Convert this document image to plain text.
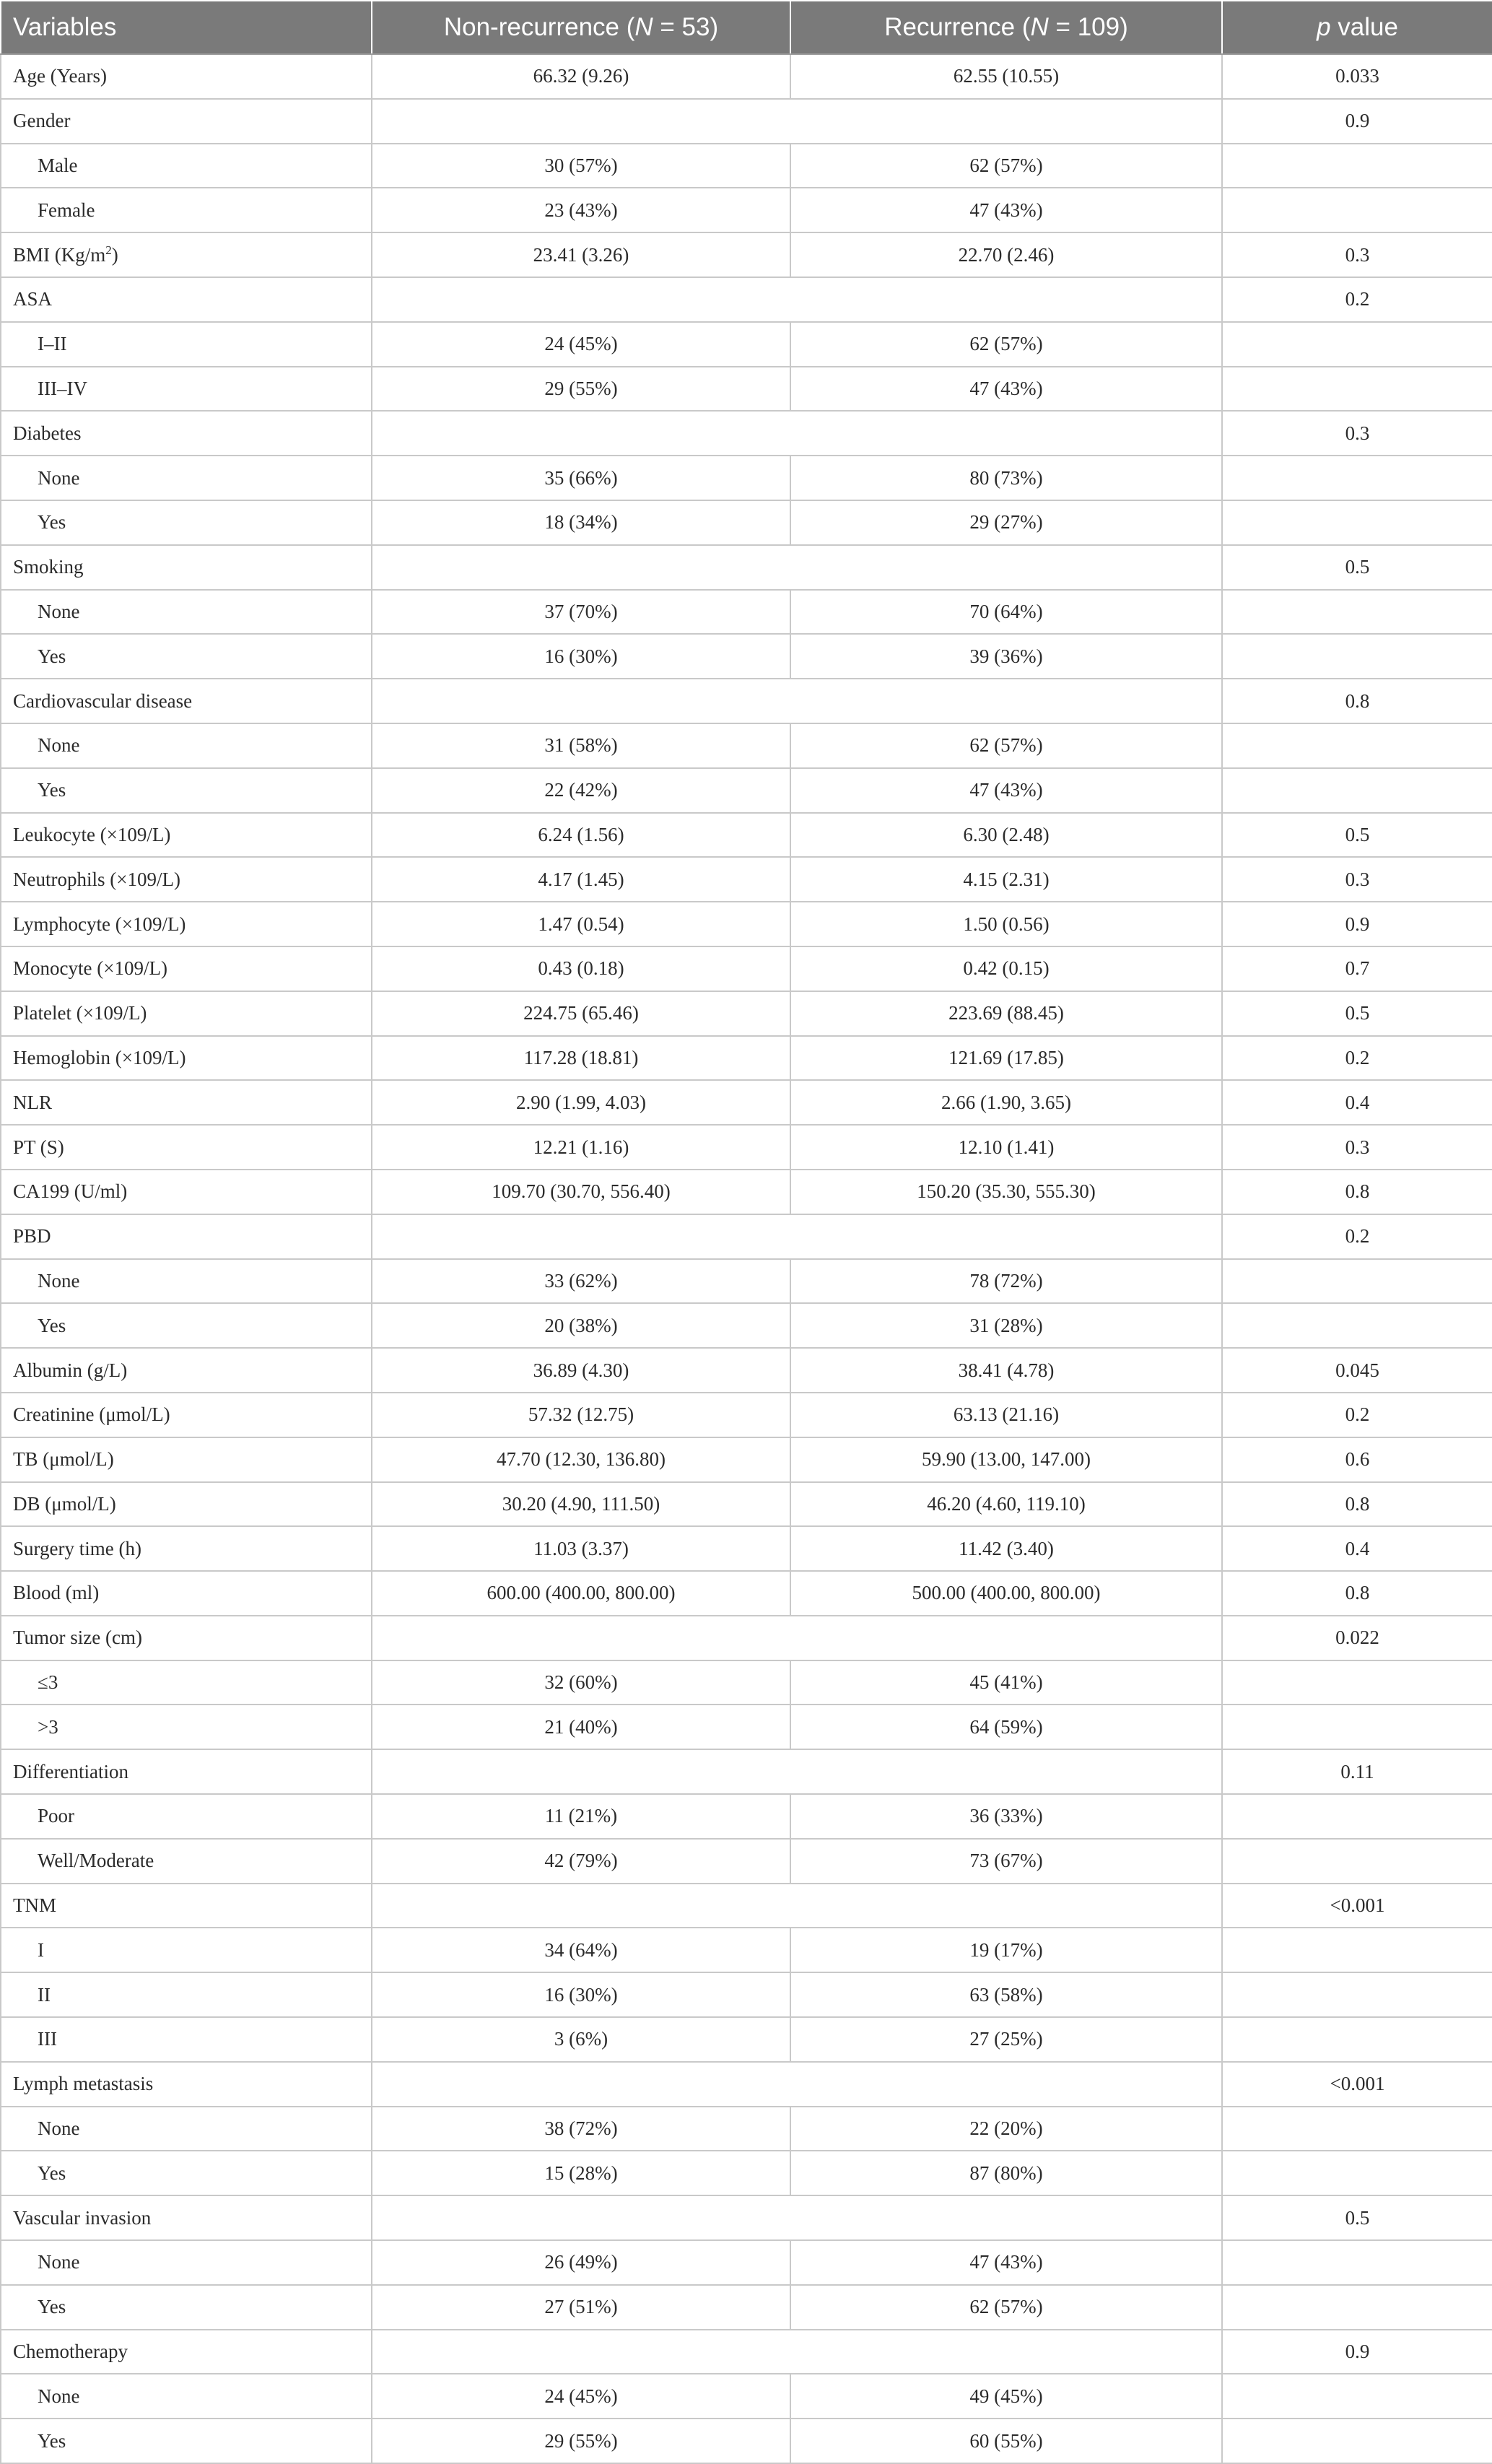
Variables	Non-recurrence (N = 53)	Recurrence (N = 109)	p value
Age (Years)	66.32 (9.26)	62.55 (10.55)	0.033
Gender			0.9
Male	30 (57%)	62 (57%)	
Female	23 (43%)	47 (43%)	
BMI $(Kg/m^2)$	23.41 (3.26)	22.70 (2.46)	0.3
ASA			0.2
I–II	24 (45%)	62 (57%)	
III–IV	29 (55%)	47 (43%)	
Diabetes			0.3
None	35 (66%)	80 (73%)	
Yes	18 (34%)	29 (27%)	
Smoking			0.5
None	37 (70%)	70 (64%)	
Yes	16 (30%)	39 (36%)	
Cardiovascular disease			0.8
None	31 (58%)	62 (57%)	
Yes	22 (42%)	47 (43%)	
Leukocyte (×109/L)	6.24 (1.56)	6.30 (2.48)	0.5
Neutrophils (×109/L)	4.17 (1.45)	4.15 (2.31)	0.3
Lymphocyte (×109/L)	1.47 (0.54)	1.50 (0.56)	0.9
Monocyte (×109/L)	0.43 (0.18)	0.42 (0.15)	0.7
Platelet (×109/L)	224.75 (65.46)	223.69 (88.45)	0.5
Hemoglobin (×109/L)	117.28 (18.81)	121.69 (17.85)	0.2
NLR	2.90 (1.99, 4.03)	2.66 (1.90, 3.65)	0.4
PT (S)	12.21 (1.16)	12.10 (1.41)	0.3
CA199 (U/ml)	109.70 (30.70, 556.40)	150.20 (35.30, 555.30)	0.8
PBD			0.2
None	33 (62%)	78 (72%)	
Yes	20 (38%)	31 (28%)	
Albumin (g/L)	36.89 (4.30)	38.41 (4.78)	0.045
Creatinine (μmol/L)	57.32 (12.75)	63.13 (21.16)	0.2
TB (μmol/L)	47.70 (12.30, 136.80)	59.90 (13.00, 147.00)	0.6
DB (μmol/L)	30.20 (4.90, 111.50)	46.20 (4.60, 119.10)	0.8
Surgery time (h)	11.03 (3.37)	11.42 (3.40)	0.4
Blood (ml)	600.00 (400.00, 800.00)	500.00 (400.00, 800.00)	0.8
Tumor size (cm)			0.022
≤3	32 (60%)	45 (41%)	
>3	21 (40%)	64 (59%)	
Differentiation			0.11
Poor	11 (21%)	36 (33%)	
Well/Moderate	42 (79%)	73 (67%)	
TNM			<0.001
I	34 (64%)	19 (17%)	
II	16 (30%)	63 (58%)	
III	3 (6%)	27 (25%)	
Lymph metastasis			<0.001
None	38 (72%)	22 (20%)	
Yes	15 (28%)	87 (80%)	
Vascular invasion			0.5
None	26 (49%)	47 (43%)	
Yes	27 (51%)	62 (57%)	
Chemotherapy			0.9
None	24 (45%)	49 (45%)	
Yes	29 (55%)	60 (55%)	
